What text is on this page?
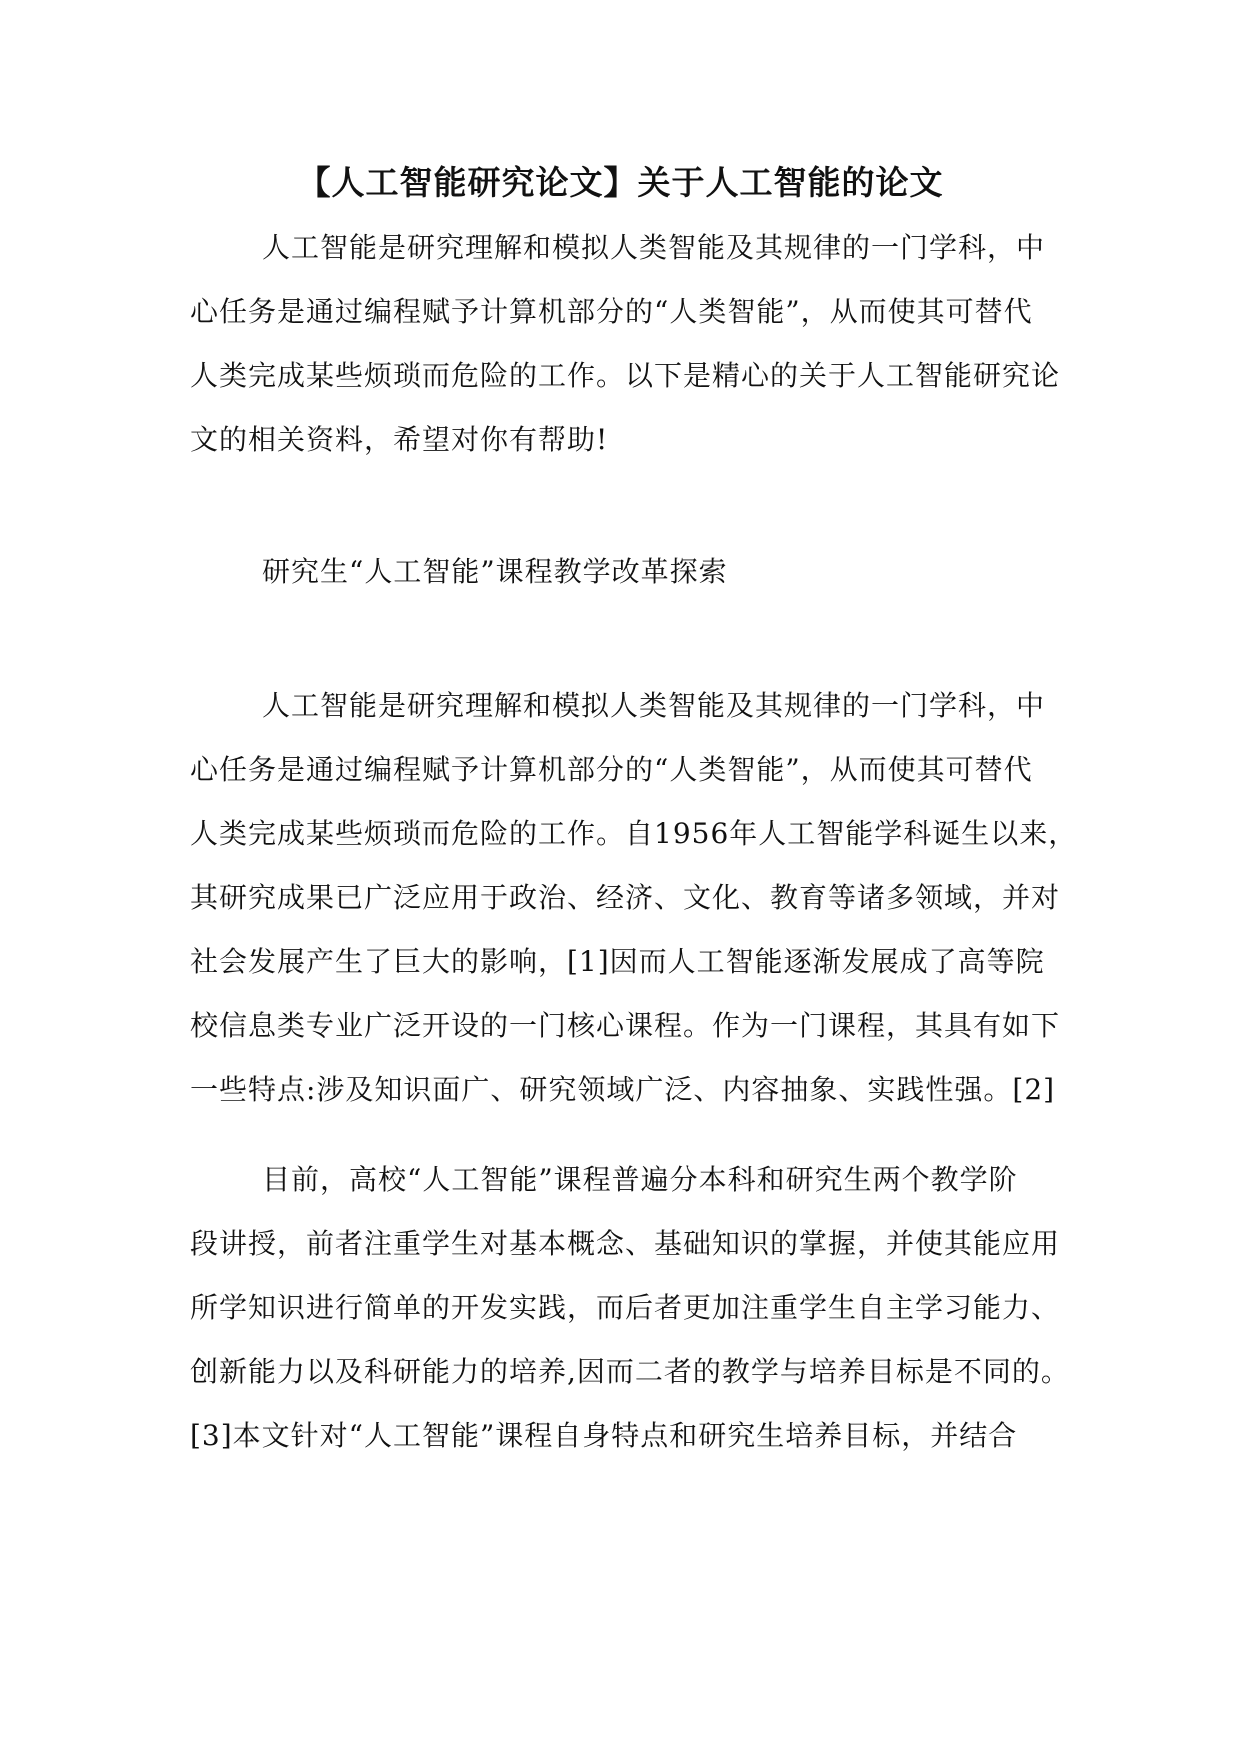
【人工智能研究论文】关于人工智能的论文
人工智能是研究理解和模拟人类智能及其规律的一门学科，中
心任务是通过编程赋予计算机部分的“人类智能”，从而使其可替代
人类完成某些烦琐而危险的工作。以下是精心的关于人工智能研究论
文的相关资料，希望对你有帮助!
研究生“人工智能”课程教学改革探索
人工智能是研究理解和模拟人类智能及其规律的一门学科，中
心任务是通过编程赋予计算机部分的“人类智能”，从而使其可替代
人类完成某些烦琐而危险的工作。自1956年人工智能学科诞生以来，
其研究成果已广泛应用于政治、经济、文化、教育等诸多领域，并对
社会发展产生了巨大的影响，[1]因而人工智能逐渐发展成了高等院
校信息类专业广泛开设的一门核心课程。作为一门课程，其具有如下
一些特点:涉及知识面广、研究领域广泛、内容抽象、实践性强。[2]
目前，高校“人工智能”课程普遍分本科和研究生两个教学阶
段讲授，前者注重学生对基本概念、基础知识的掌握，并使其能应用
所学知识进行简单的开发实践，而后者更加注重学生自主学习能力、
创新能力以及科研能力的培养,因而二者的教学与培养目标是不同的。
[3]本文针对“人工智能”课程自身特点和研究生培养目标，并结合
